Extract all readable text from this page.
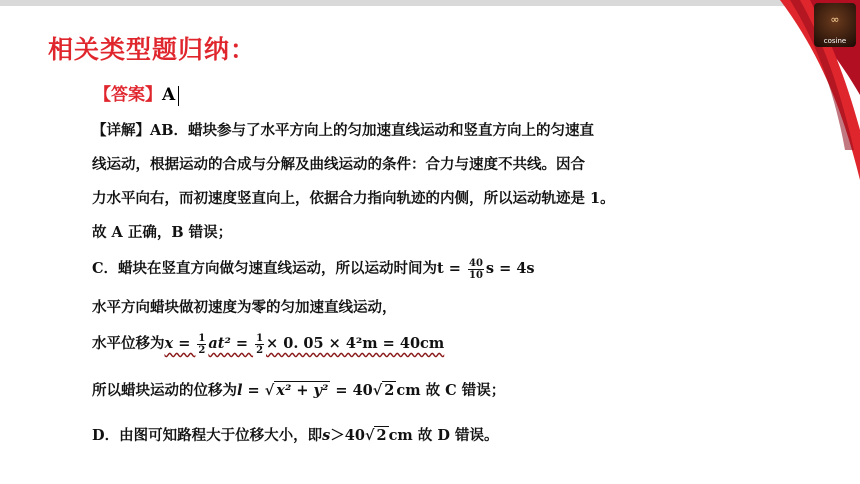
∞
cosine
相关类型题归纳：
【答案】A
【详解】AB．蜡块参与了水平方向上的匀加速直线运动和竖直方向上的匀速直
线运动，根据运动的合成与分解及曲线运动的条件：合力与速度不共线。因合
力水平向右，而初速度竖直向上，依据合力指向轨迹的内侧，所以运动轨迹是 1。
故 A 正确，B 错误；
C．蜡块在竖直方向做匀速直线运动，所以运动时间为$t = \frac{40}{10}$ s = 4s
水平方向蜡块做初速度为零的匀加速直线运动，
水平位移为$x = \frac{1}{2} at^2 = \frac{1}{2} \times 0$. 05 × 4²m = 40cm
所以蜡块运动的位移为l = √ x² + y² = 40√ 2 cm 故 C 错误；
D．由图可知路程大于位移大小，即s＞40√ 2 cm 故 D 错误。
